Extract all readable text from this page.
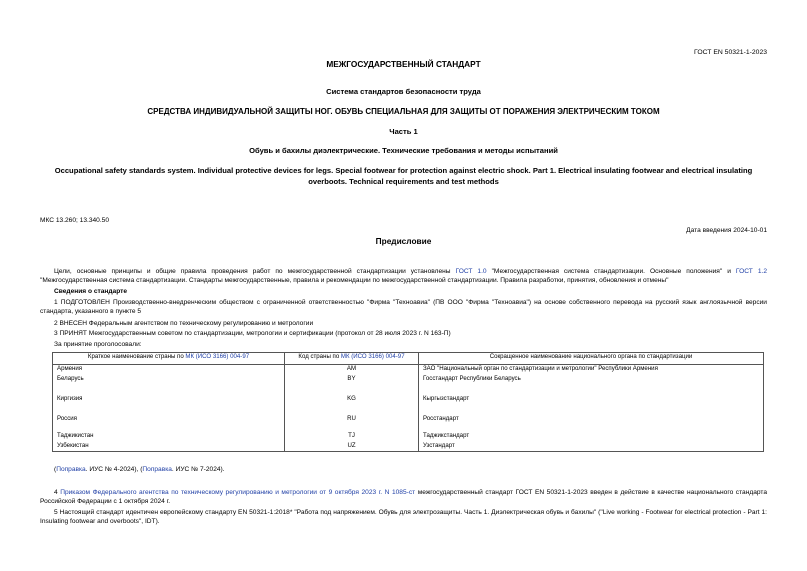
ГОСТ EN 50321-1-2023
МЕЖГОСУДАРСТВЕННЫЙ СТАНДАРТ
Система стандартов безопасности труда
СРЕДСТВА ИНДИВИДУАЛЬНОЙ ЗАЩИТЫ НОГ. ОБУВЬ СПЕЦИАЛЬНАЯ ДЛЯ ЗАЩИТЫ ОТ ПОРАЖЕНИЯ ЭЛЕКТРИЧЕСКИМ ТОКОМ
Часть 1
Обувь и бахилы диэлектрические. Технические требования и методы испытаний
Occupational safety standards system. Individual protective devices for legs. Special footwear for protection against electric shock. Part 1. Electrical insulating footwear and electrical insulating overboots. Technical requirements and test methods
МКС 13.260; 13.340.50
Дата введения 2024-10-01
Предисловие
Цели, основные принципы и общие правила проведения работ по межгосударственной стандартизации установлены ГОСТ 1.0 "Межгосударственная система стандартизации. Основные положения" и ГОСТ 1.2 "Межгосударственная система стандартизации. Стандарты межгосударственные, правила и рекомендации по межгосударственной стандартизации. Правила разработки, принятия, обновления и отмены"
Сведения о стандарте
1 ПОДГОТОВЛЕН Производственно-внедренческим обществом с ограниченной ответственностью "Фирма "Техноавиа" (ПВ ООО "Фирма "Техноавиа") на основе собственного перевода на русский язык англоязычной версии стандарта, указанного в пункте 5
2 ВНЕСЕН Федеральным агентством по техническому регулированию и метрологии
3 ПРИНЯТ Межгосударственным советом по стандартизации, метрологии и сертификации (протокол от 28 июля 2023 г. N 163-П)
За принятие проголосовали:
Краткое наименование страны по МК (ИСО 3166) 004-97	Код страны по МК (ИСО 3166) 004-97	Сокращенное наименование национального органа по стандартизации
Армения	AM	ЗАО "Национальный орган по стандартизации и метрологии" Республики Армения
Беларусь	BY	Госстандарт Республики Беларусь
Киргизия	KG	Кыргызстандарт
Россия	RU	Росстандарт
Таджикистан	TJ	Таджикстандарт
Узбекистан	UZ	Узстандарт
(Поправка. ИУС № 4-2024), (Поправка. ИУС № 7-2024).
4 Приказом Федерального агентства по техническому регулированию и метрологии от 9 октября 2023 г. N 1085-ст межгосударственный стандарт ГОСТ EN 50321-1-2023 введен в действие в качестве национального стандарта Российской Федерации с 1 октября 2024 г.
5 Настоящий стандарт идентичен европейскому стандарту EN 50321-1:2018* "Работа под напряжением. Обувь для электрозащиты. Часть 1. Диэлектрическая обувь и бахилы" ("Live working - Footwear for electrical protection - Part 1: Insulating footwear and overboots", IDT).
